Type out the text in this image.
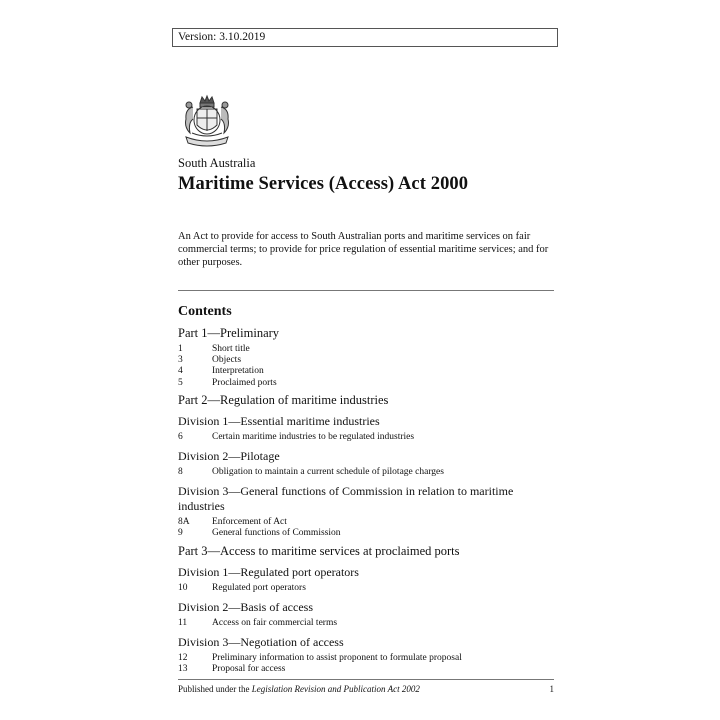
Version: 3.10.2019
South Australia
Maritime Services (Access) Act 2000
An Act to provide for access to South Australian ports and maritime services on fair commercial terms; to provide for price regulation of essential maritime services; and for other purposes.
Contents
Part 1—Preliminary
1	Short title
3	Objects
4	Interpretation
5	Proclaimed ports
Part 2—Regulation of maritime industries
Division 1—Essential maritime industries
6	Certain maritime industries to be regulated industries
Division 2—Pilotage
8	Obligation to maintain a current schedule of pilotage charges
Division 3—General functions of Commission in relation to maritime industries
8A	Enforcement of Act
9	General functions of Commission
Part 3—Access to maritime services at proclaimed ports
Division 1—Regulated port operators
10	Regulated port operators
Division 2—Basis of access
11	Access on fair commercial terms
Division 3—Negotiation of access
12	Preliminary information to assist proponent to formulate proposal
13	Proposal for access
Published under the Legislation Revision and Publication Act 2002	1
